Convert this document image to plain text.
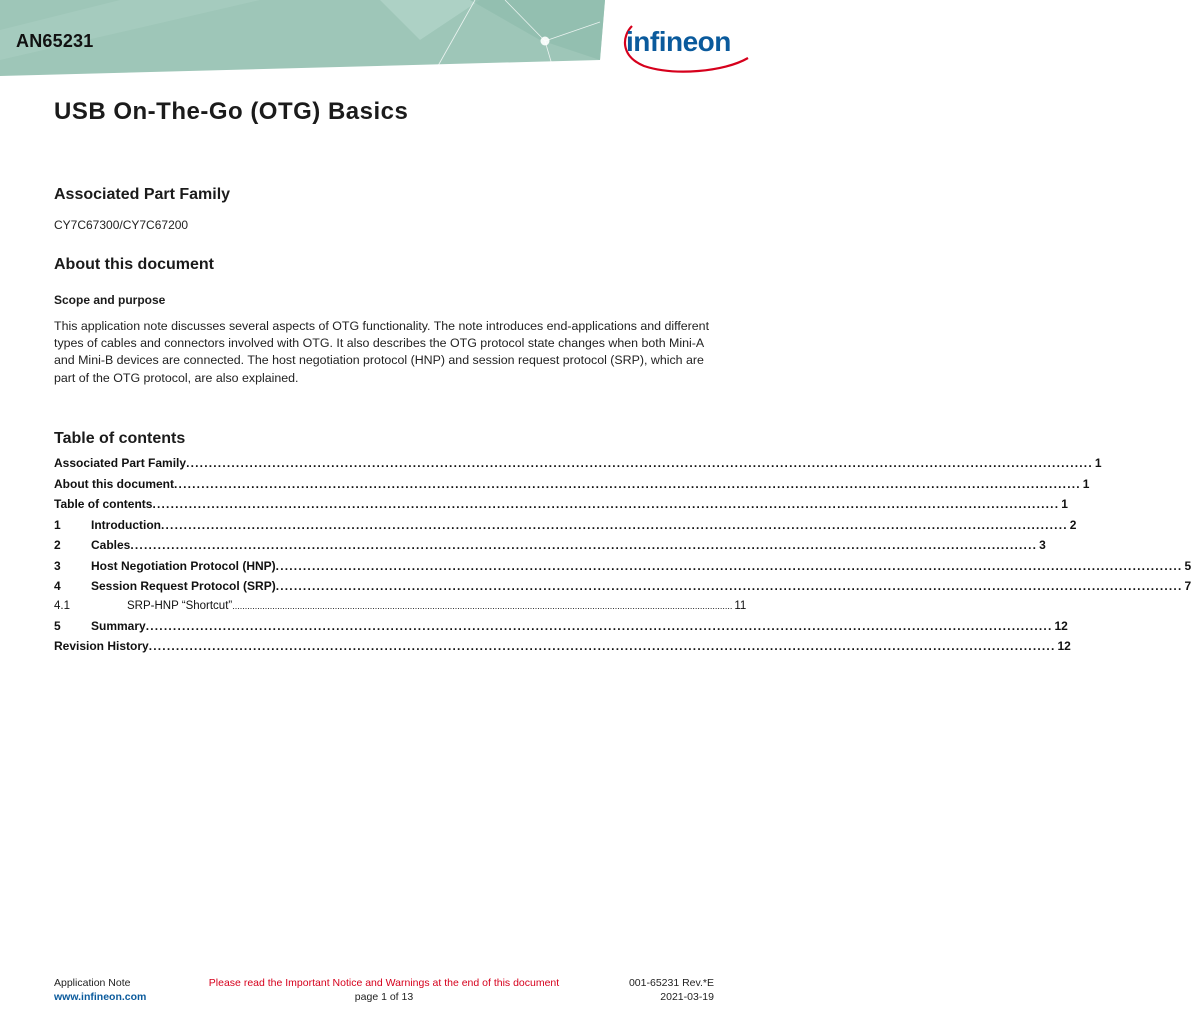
AN65231	infineon
USB On-The-Go (OTG) Basics
Associated Part Family
CY7C67300/CY7C67200
About this document
Scope and purpose
This application note discusses several aspects of OTG functionality. The note introduces end-applications and different types of cables and connectors involved with OTG. It also describes the OTG protocol state changes when both Mini-A and Mini-B devices are connected. The host negotiation protocol (HNP) and session request protocol (SRP), which are part of the OTG protocol, are also explained.
Table of contents
Associated Part Family ........................................................................................................................................................................................................ 1
About this document ........................................................................................................................................................................................................ 1
Table of contents ........................................................................................................................................................................................................ 1
1	Introduction ........................................................................................................................................................................................................ 2
2	Cables ........................................................................................................................................................................................................ 3
3	Host Negotiation Protocol (HNP) ........................................................................................................................................................................................................ 5
4	Session Request Protocol (SRP) ........................................................................................................................................................................................................ 7
4.1	SRP-HNP “Shortcut” ........................................................................................................................................................................................................ 11
5	Summary ........................................................................................................................................................................................................ 12
Revision History ........................................................................................................................................................................................................ 12
Application Note
www.infineon.com
Please read the Important Notice and Warnings at the end of this document
page 1 of 13
001-65231 Rev.*E
2021-03-19
